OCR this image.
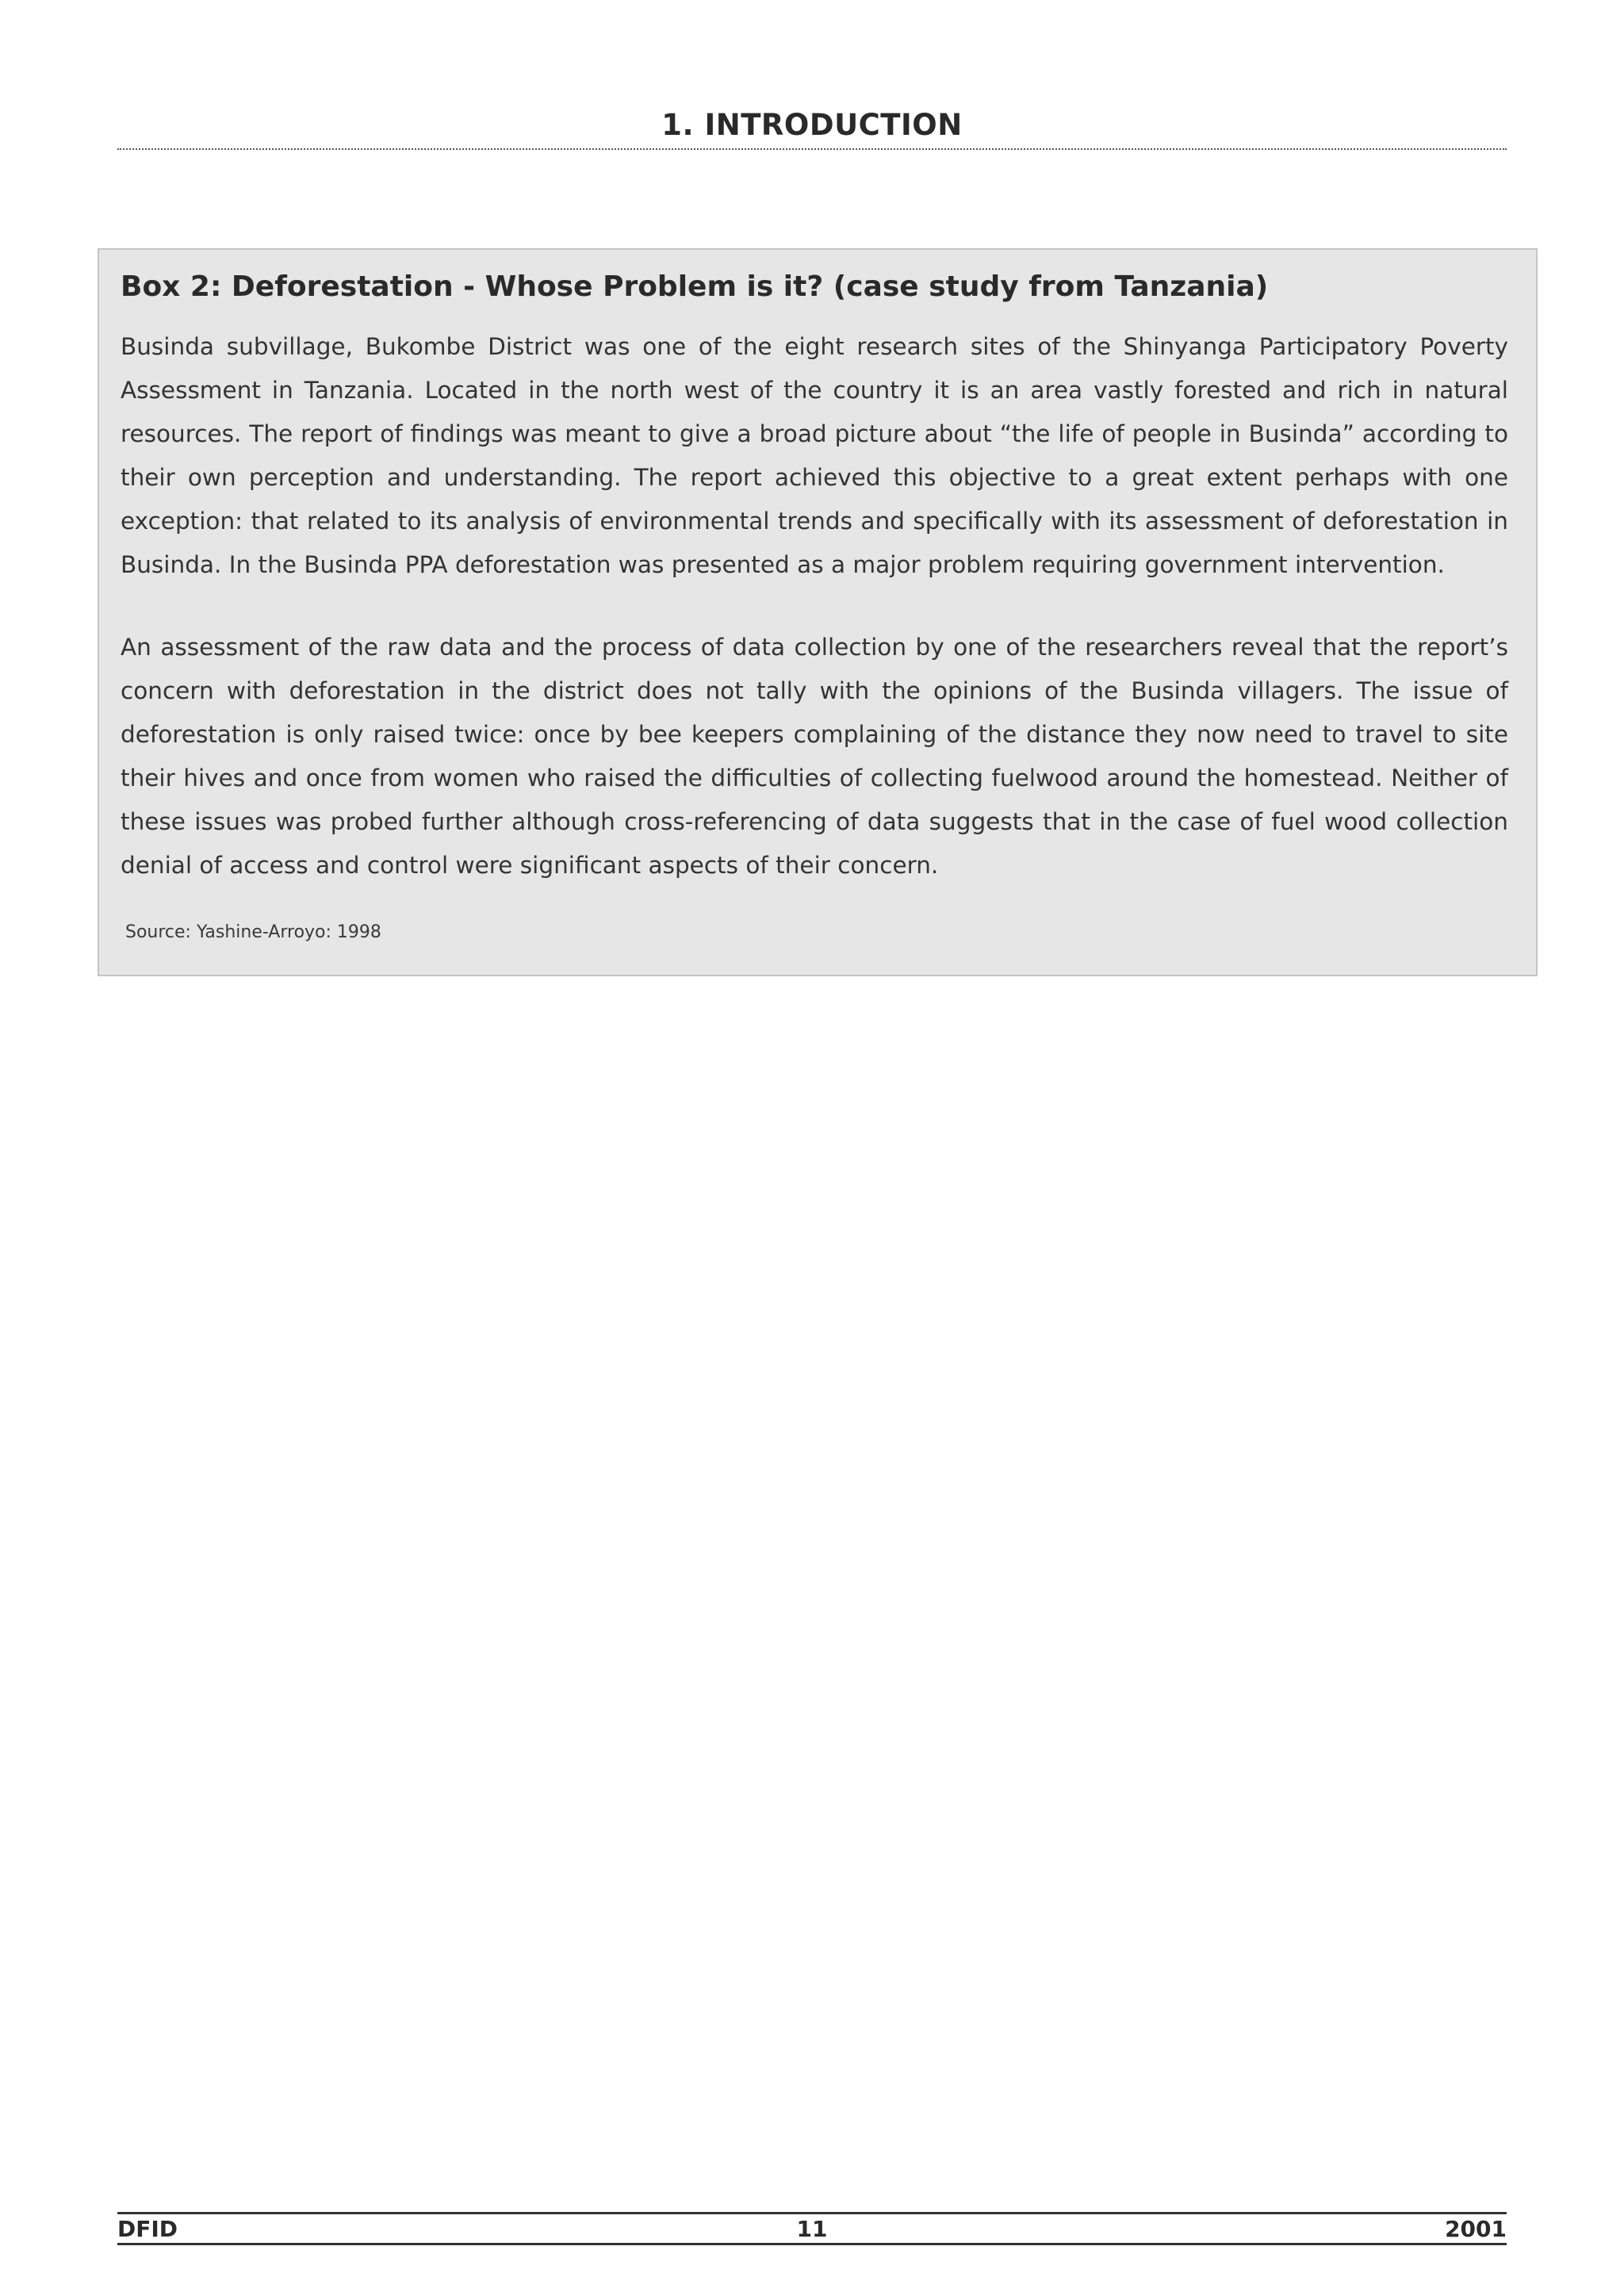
1. INTRODUCTION
Box 2: Deforestation - Whose Problem is it? (case study from Tanzania)

Businda subvillage, Bukombe District was one of the eight research sites of the Shinyanga Participatory Poverty Assessment in Tanzania. Located in the north west of the country it is an area vastly forested and rich in natural resources. The report of findings was meant to give a broad picture about “the life of people in Businda” according to their own perception and understanding. The report achieved this objective to a great extent perhaps with one exception: that related to its analysis of environmental trends and specifically with its assessment of deforestation in Businda. In the Businda PPA deforestation was presented as a major problem requiring government intervention.

An assessment of the raw data and the process of data collection by one of the researchers reveal that the report’s concern with deforestation in the district does not tally with the opinions of the Businda villagers. The issue of deforestation is only raised twice: once by bee keepers complaining of the distance they now need to travel to site their hives and once from women who raised the difficulties of collecting fuelwood around the homestead. Neither of these issues was probed further although cross-referencing of data suggests that in the case of fuel wood collection denial of access and control were significant aspects of their concern.

Source: Yashine-Arroyo: 1998
DFID	11	2001
